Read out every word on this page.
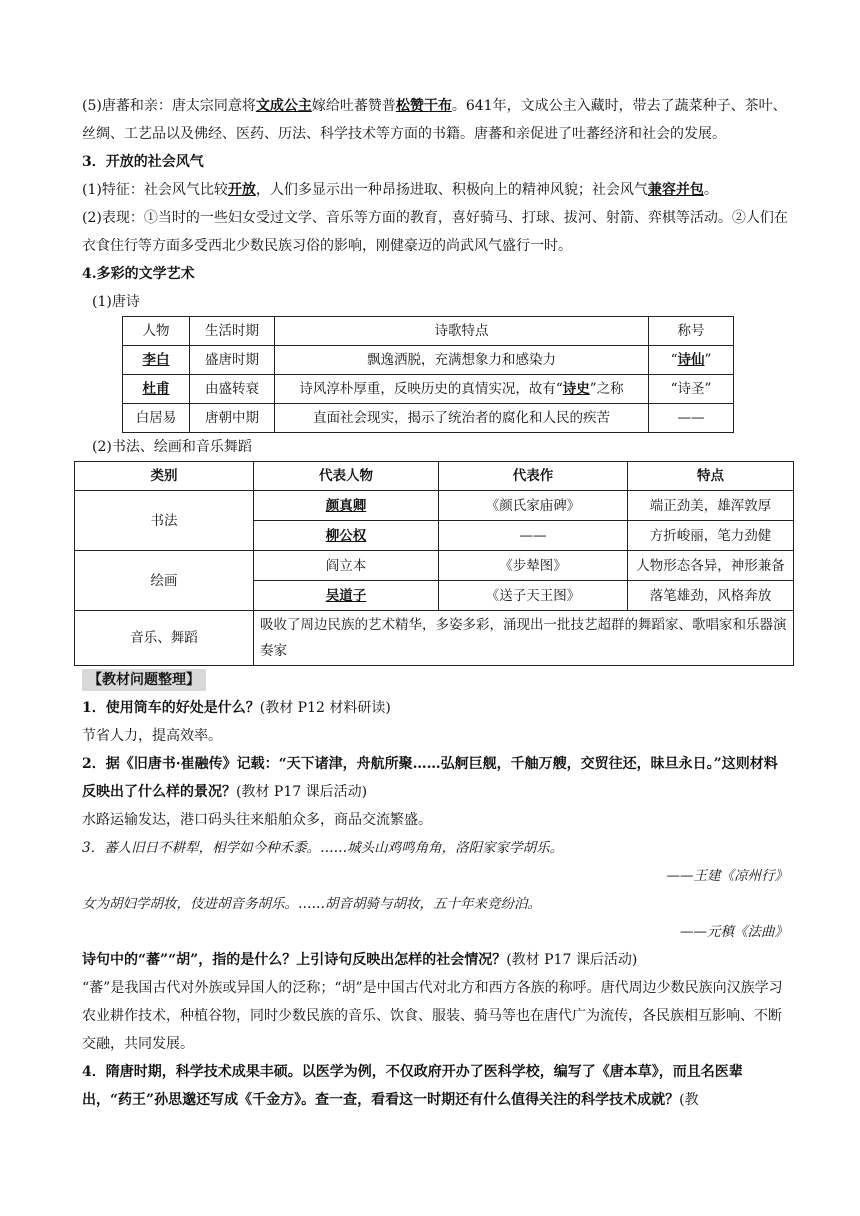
(5)唐蕃和亲：唐太宗同意将文成公主嫁给吐蕃赞普松赞干布。641年，文成公主入藏时，带去了蔬菜种子、茶叶、丝绸、工艺品以及佛经、医药、历法、科学技术等方面的书籍。唐蕃和亲促进了吐蕃经济和社会的发展。

3．开放的社会风气

(1)特征：社会风气比较开放，人们多显示出一种昂扬进取、积极向上的精神风貌；社会风气兼容并包。

(2)表现：①当时的一些妇女受过文学、音乐等方面的教育，喜好骑马、打球、拔河、射箭、弈棋等活动。②人们在衣食住行等方面多受西北少数民族习俗的影响，刚健豪迈的尚武风气盛行一时。

4.多彩的文学艺术

(1)唐诗

人物	生活时期	诗歌特点	称号
李白	盛唐时期	飘逸洒脱，充满想象力和感染力	“诗仙”
杜甫	由盛转衰	诗风淳朴厚重，反映历史的真情实况，故有“诗史”之称	“诗圣”
白居易	唐朝中期	直面社会现实，揭示了统治者的腐化和人民的疾苦	——

(2)书法、绘画和音乐舞蹈

类别	代表人物	代表作	特点
书法	颜真卿	《颜氏家庙碑》	端正劲美，雄浑敦厚
	柳公权	——	方折峻丽，笔力劲健
绘画	阎立本	《步辇图》	人物形态各异，神形兼备
	吴道子	《送子天王图》	落笔雄劲，风格奔放
音乐、舞蹈	吸收了周边民族的艺术精华，多姿多彩，涌现出一批技艺超群的舞蹈家、歌唱家和乐器演奏家		

【教材问题整理】

1．使用筒车的好处是什么？(教材 P12 材料研读)

节省人力，提高效率。

2．据《旧唐书·崔融传》记载：“天下诸津，舟航所聚……弘舸巨舰，千舳万艘，交贸往还，昧旦永日。”这则材料反映出了什么样的景况？(教材 P17 课后活动)

水路运输发达，港口码头往来船舶众多，商品交流繁盛。

3．蕃人旧日不耕犁，相学如今种禾黍。……城头山鸡鸣角角，洛阳家家学胡乐。

——王建《凉州行》

女为胡妇学胡妆，伎进胡音务胡乐。……胡音胡骑与胡妆，五十年来竞纷泊。

——元稹《法曲》

诗句中的“蕃”“胡”，指的是什么？上引诗句反映出怎样的社会情况？(教材 P17 课后活动)

“蕃”是我国古代对外族或异国人的泛称；“胡”是中国古代对北方和西方各族的称呼。唐代周边少数民族向汉族学习农业耕作技术，种植谷物，同时少数民族的音乐、饮食、服装、骑马等也在唐代广为流传，各民族相互影响、不断交融，共同发展。

4．隋唐时期，科学技术成果丰硕。以医学为例，不仅政府开办了医科学校，编写了《唐本草》，而且名医辈出，“药王”孙思邈还写成《千金方》。查一查，看看这一时期还有什么值得关注的科学技术成就？(教
